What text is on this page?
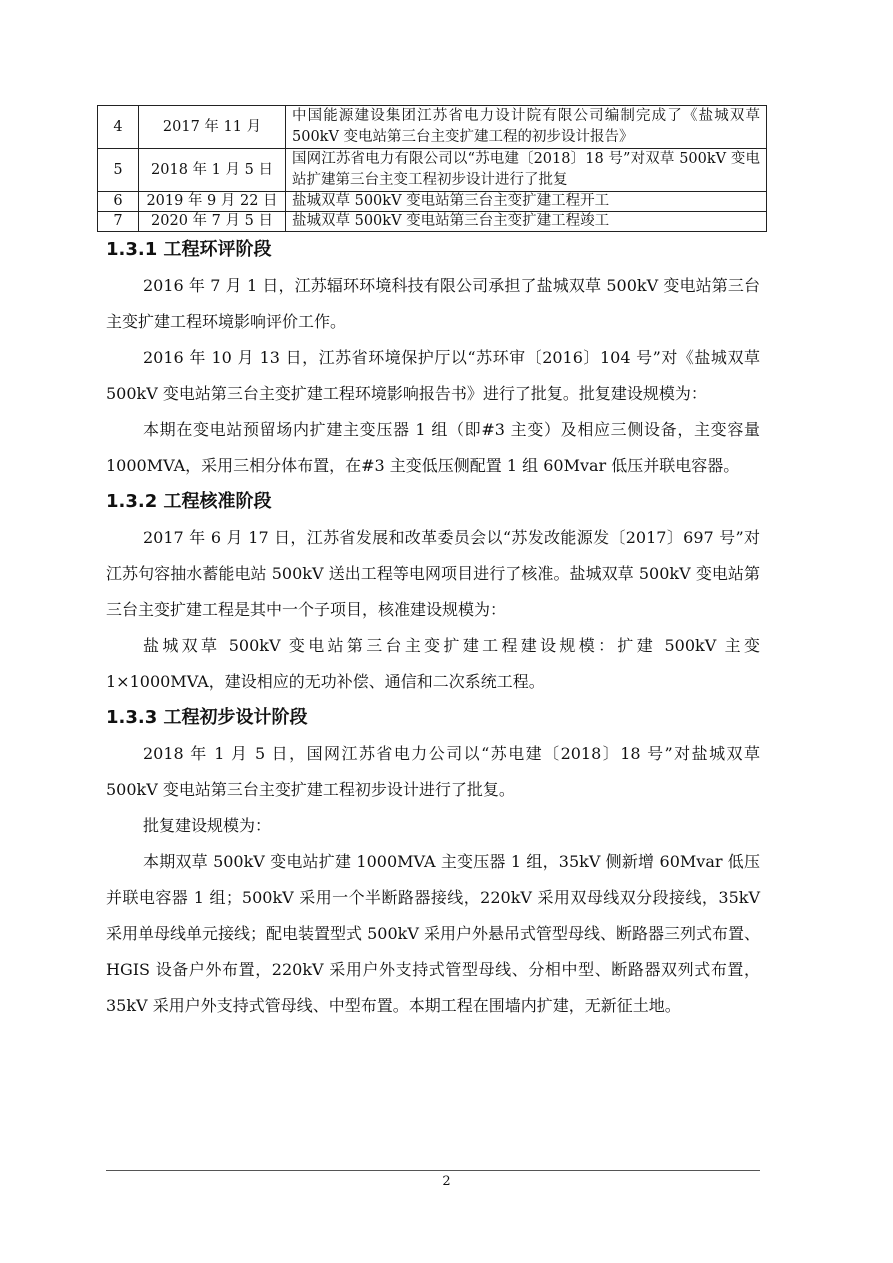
4	2017 年 11 月	中国能源建设集团江苏省电力设计院有限公司编制完成了《盐城双草 500kV 变电站第三台主变扩建工程的初步设计报告》
5	2018 年 1 月 5 日	国网江苏省电力有限公司以“苏电建〔2018〕18 号”对双草 500kV 变电站扩建第三台主变工程初步设计进行了批复
6	2019 年 9 月 22 日	盐城双草 500kV 变电站第三台主变扩建工程开工
7	2020 年 7 月 5 日	盐城双草 500kV 变电站第三台主变扩建工程竣工
1.3.1 工程环评阶段

2016 年 7 月 1 日，江苏辐环环境科技有限公司承担了盐城双草 500kV 变电站第三台主变扩建工程环境影响评价工作。

2016 年 10 月 13 日，江苏省环境保护厅以“苏环审〔2016〕104 号”对《盐城双草 500kV 变电站第三台主变扩建工程环境影响报告书》进行了批复。批复建设规模为：

本期在变电站预留场内扩建主变压器 1 组（即#3 主变）及相应三侧设备，主变容量 1000MVA，采用三相分体布置，在#3 主变低压侧配置 1 组 60Mvar 低压并联电容器。

1.3.2 工程核准阶段

2017 年 6 月 17 日，江苏省发展和改革委员会以“苏发改能源发〔2017〕697 号”对江苏句容抽水蓄能电站 500kV 送出工程等电网项目进行了核准。盐城双草 500kV 变电站第三台主变扩建工程是其中一个子项目，核准建设规模为：

盐城双草 500kV 变电站第三台主变扩建工程建设规模：扩建 500kV 主变 1×1000MVA，建设相应的无功补偿、通信和二次系统工程。

1.3.3 工程初步设计阶段

2018 年 1 月 5 日，国网江苏省电力公司以“苏电建〔2018〕18 号”对盐城双草 500kV 变电站第三台主变扩建工程初步设计进行了批复。

批复建设规模为：

本期双草 500kV 变电站扩建 1000MVA 主变压器 1 组，35kV 侧新增 60Mvar 低压并联电容器 1 组；500kV 采用一个半断路器接线，220kV 采用双母线双分段接线，35kV 采用单母线单元接线；配电装置型式 500kV 采用户外悬吊式管型母线、断路器三列式布置、HGIS 设备户外布置，220kV 采用户外支持式管型母线、分相中型、断路器双列式布置，35kV 采用户外支持式管母线、中型布置。本期工程在围墙内扩建，无新征土地。

2
